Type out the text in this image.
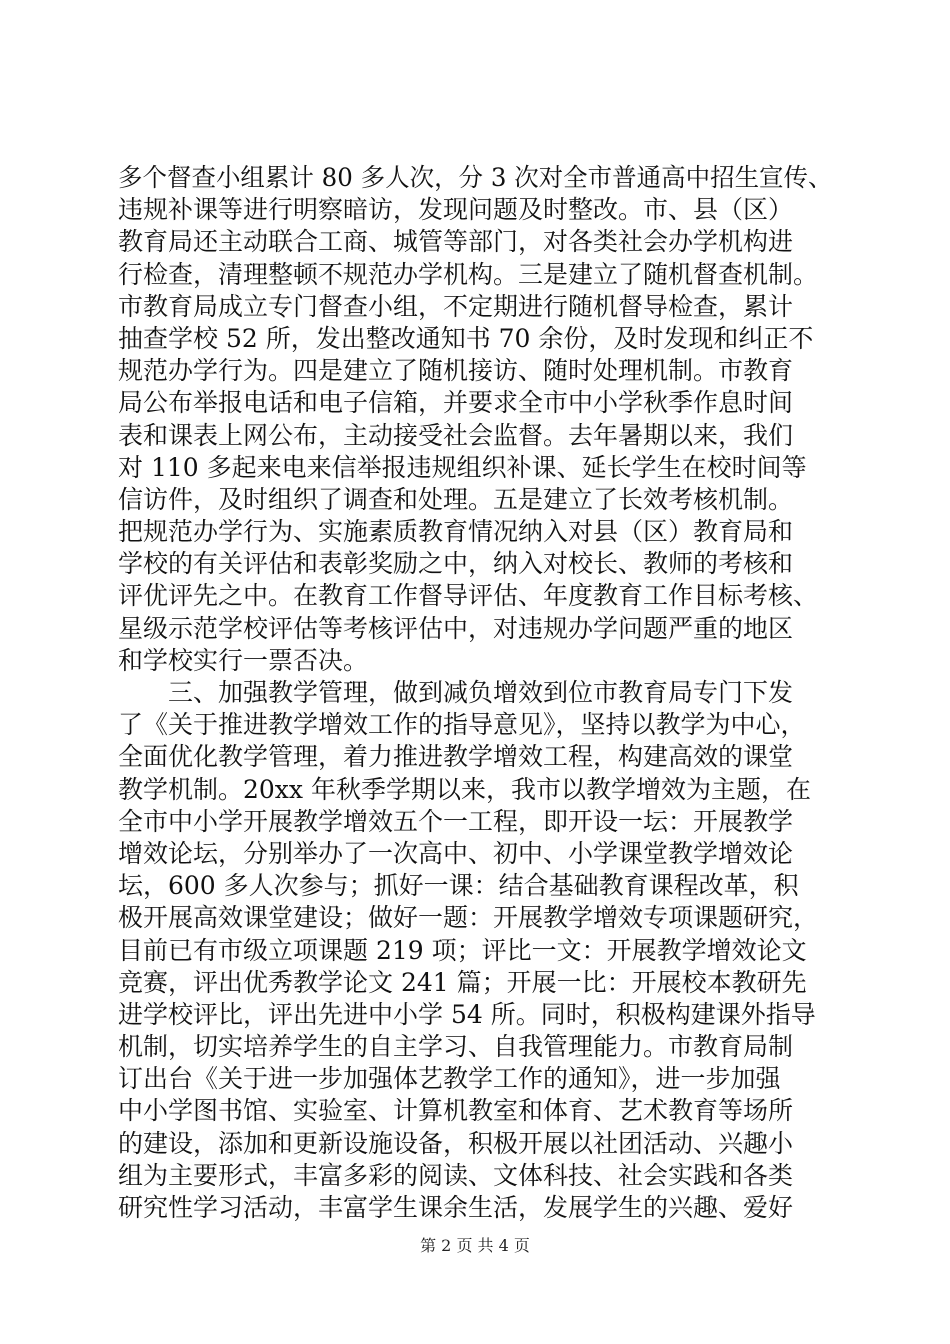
多个督查小组累计 80 多人次，分 3 次对全市普通高中招生宣传、
违规补课等进行明察暗访，发现问题及时整改。市、县（区）
教育局还主动联合工商、城管等部门，对各类社会办学机构进
行检查，清理整顿不规范办学机构。三是建立了随机督查机制。
市教育局成立专门督查小组，不定期进行随机督导检查，累计
抽查学校 52 所，发出整改通知书 70 余份，及时发现和纠正不
规范办学行为。四是建立了随机接访、随时处理机制。市教育
局公布举报电话和电子信箱，并要求全市中小学秋季作息时间
表和课表上网公布，主动接受社会监督。去年暑期以来，我们
对 110 多起来电来信举报违规组织补课、延长学生在校时间等
信访件，及时组织了调查和处理。五是建立了长效考核机制。
把规范办学行为、实施素质教育情况纳入对县（区）教育局和
学校的有关评估和表彰奖励之中，纳入对校长、教师的考核和
评优评先之中。在教育工作督导评估、年度教育工作目标考核、
星级示范学校评估等考核评估中，对违规办学问题严重的地区
和学校实行一票否决。
　　三、加强教学管理，做到减负增效到位市教育局专门下发
了《关于推进教学增效工作的指导意见》，坚持以教学为中心，
全面优化教学管理，着力推进教学增效工程，构建高效的课堂
教学机制。20xx 年秋季学期以来，我市以教学增效为主题，在
全市中小学开展教学增效五个一工程，即开设一坛：开展教学
增效论坛，分别举办了一次高中、初中、小学课堂教学增效论
坛，600 多人次参与；抓好一课：结合基础教育课程改革，积
极开展高效课堂建设；做好一题：开展教学增效专项课题研究，
目前已有市级立项课题 219 项；评比一文：开展教学增效论文
竞赛，评出优秀教学论文 241 篇；开展一比：开展校本教研先
进学校评比，评出先进中小学 54 所。同时，积极构建课外指导
机制，切实培养学生的自主学习、自我管理能力。市教育局制
订出台《关于进一步加强体艺教学工作的通知》，进一步加强
中小学图书馆、实验室、计算机教室和体育、艺术教育等场所
的建设，添加和更新设施设备，积极开展以社团活动、兴趣小
组为主要形式，丰富多彩的阅读、文体科技、社会实践和各类
研究性学习活动，丰富学生课余生活，发展学生的兴趣、爱好
第 2 页 共 4 页
